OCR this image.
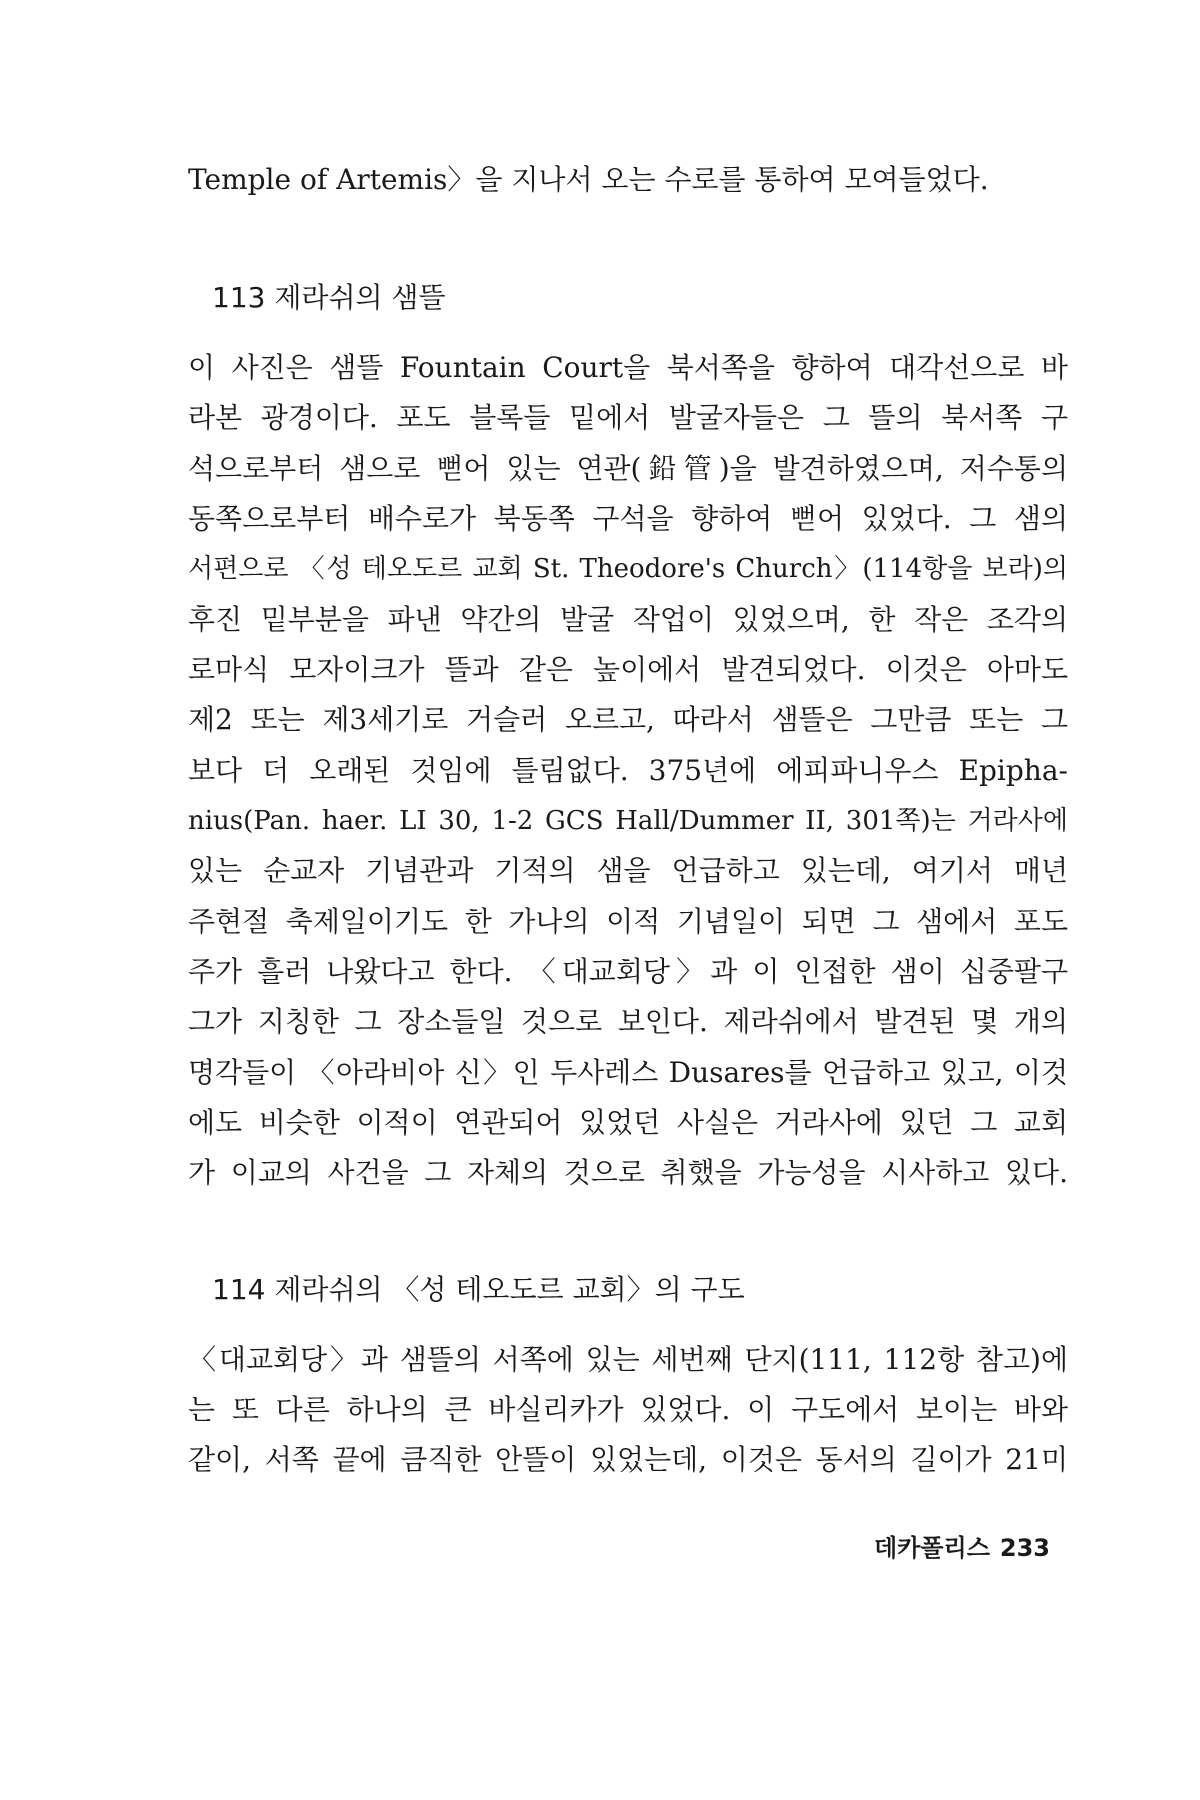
Temple of Artemis〉을 지나서 오는 수로를 통하여 모여들었다.
113 제라쉬의 샘뜰
이 사진은 샘뜰 Fountain Court을 북서쪽을 향하여 대각선으로 바
라본 광경이다. 포도 블록들 밑에서 발굴자들은 그 뜰의 북서쪽 구
석으로부터 샘으로 뻗어 있는 연관(鉛管)을 발견하였으며, 저수통의
동쪽으로부터 배수로가 북동쪽 구석을 향하여 뻗어 있었다. 그 샘의
서편으로 〈성 테오도르 교회 St. Theodore's Church〉(114항을 보라)의
후진 밑부분을 파낸 약간의 발굴 작업이 있었으며, 한 작은 조각의
로마식 모자이크가 뜰과 같은 높이에서 발견되었다. 이것은 아마도
제2 또는 제3세기로 거슬러 오르고, 따라서 샘뜰은 그만큼 또는 그
보다 더 오래된 것임에 틀림없다. 375년에 에피파니우스 Epipha-
nius(Pan. haer. LI 30, 1-2 GCS Hall/Dummer II, 301쪽)는 거라사에
있는 순교자 기념관과 기적의 샘을 언급하고 있는데, 여기서 매년
주현절 축제일이기도 한 가나의 이적 기념일이 되면 그 샘에서 포도
주가 흘러 나왔다고 한다. 〈대교회당〉과 이 인접한 샘이 십중팔구
그가 지칭한 그 장소들일 것으로 보인다. 제라쉬에서 발견된 몇 개의
명각들이 〈아라비아 신〉인 두사레스 Dusares를 언급하고 있고, 이것
에도 비슷한 이적이 연관되어 있었던 사실은 거라사에 있던 그 교회
가 이교의 사건을 그 자체의 것으로 취했을 가능성을 시사하고 있다.
114 제라쉬의 〈성 테오도르 교회〉의 구도
〈대교회당〉과 샘뜰의 서쪽에 있는 세번째 단지(111, 112항 참고)에
는 또 다른 하나의 큰 바실리카가 있었다. 이 구도에서 보이는 바와
같이, 서쪽 끝에 큼직한 안뜰이 있었는데, 이것은 동서의 길이가 21미
데카폴리스 233
